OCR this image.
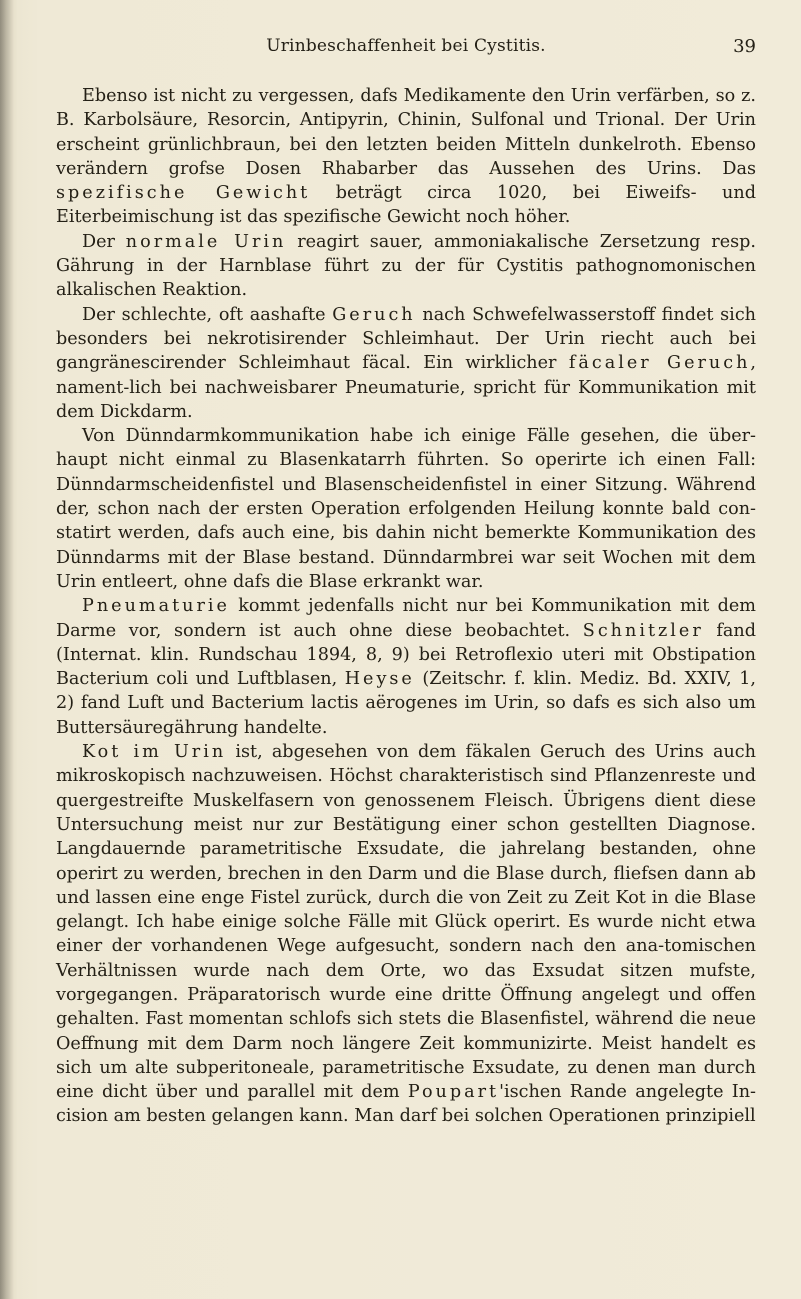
Urinbeschaffenheit bei Cystitis.	39

Ebenso ist nicht zu vergessen, dafs Medikamente den Urin verfärben, so z. B. Karbolsäure, Resorcin, Antipyrin, Chinin, Sulfonal und Trional. Der Urin erscheint grünlichbraun, bei den letzten beiden Mitteln dunkelroth. Ebenso verändern grofse Dosen Rhabarber das Aussehen des Urins. Das spezifische Gewicht beträgt circa 1020, bei Eiweifs- und Eiterbeimischung ist das spezifische Gewicht noch höher.

Der normale Urin reagirt sauer, ammoniakalische Zersetzung resp. Gährung in der Harnblase führt zu der für Cystitis pathognomonischen alkalischen Reaktion.

Der schlechte, oft aashafte Geruch nach Schwefelwasserstoff findet sich besonders bei nekrotisirender Schleimhaut. Der Urin riecht auch bei gangränescirender Schleimhaut fäcal. Ein wirklicher fäcaler Geruch, nament-lich bei nachweisbarer Pneumaturie, spricht für Kommunikation mit dem Dickdarm.

Von Dünndarmkommunikation habe ich einige Fälle gesehen, die über-haupt nicht einmal zu Blasenkatarrh führten. So operirte ich einen Fall: Dünndarmscheidenfistel und Blasenscheidenfistel in einer Sitzung. Während der, schon nach der ersten Operation erfolgenden Heilung konnte bald con-statirt werden, dafs auch eine, bis dahin nicht bemerkte Kommunikation des Dünndarms mit der Blase bestand. Dünndarmbrei war seit Wochen mit dem Urin entleert, ohne dafs die Blase erkrankt war.

Pneumaturie kommt jedenfalls nicht nur bei Kommunikation mit dem Darme vor, sondern ist auch ohne diese beobachtet. Schnitzler fand (Internat. klin. Rundschau 1894, 8, 9) bei Retroflexio uteri mit Obstipation Bacterium coli und Luftblasen, Heyse (Zeitschr. f. klin. Mediz. Bd. XXIV, 1, 2) fand Luft und Bacterium lactis aërogenes im Urin, so dafs es sich also um Buttersäuregährung handelte.

Kot im Urin ist, abgesehen von dem fäkalen Geruch des Urins auch mikroskopisch nachzuweisen. Höchst charakteristisch sind Pflanzenreste und quergestreifte Muskelfasern von genossenem Fleisch. Übrigens dient diese Untersuchung meist nur zur Bestätigung einer schon gestellten Diagnose. Langdauernde parametritische Exsudate, die jahrelang bestanden, ohne operirt zu werden, brechen in den Darm und die Blase durch, fliefsen dann ab und lassen eine enge Fistel zurück, durch die von Zeit zu Zeit Kot in die Blase gelangt. Ich habe einige solche Fälle mit Glück operirt. Es wurde nicht etwa einer der vorhandenen Wege aufgesucht, sondern nach den ana-tomischen Verhältnissen wurde nach dem Orte, wo das Exsudat sitzen mufste, vorgegangen. Präparatorisch wurde eine dritte Öffnung angelegt und offen gehalten. Fast momentan schlofs sich stets die Blasenfistel, während die neue Oeffnung mit dem Darm noch längere Zeit kommunizirte. Meist handelt es sich um alte subperitoneale, parametritische Exsudate, zu denen man durch eine dicht über und parallel mit dem Poupart'ischen Rande angelegte In-cision am besten gelangen kann. Man darf bei solchen Operationen prinzipiell
